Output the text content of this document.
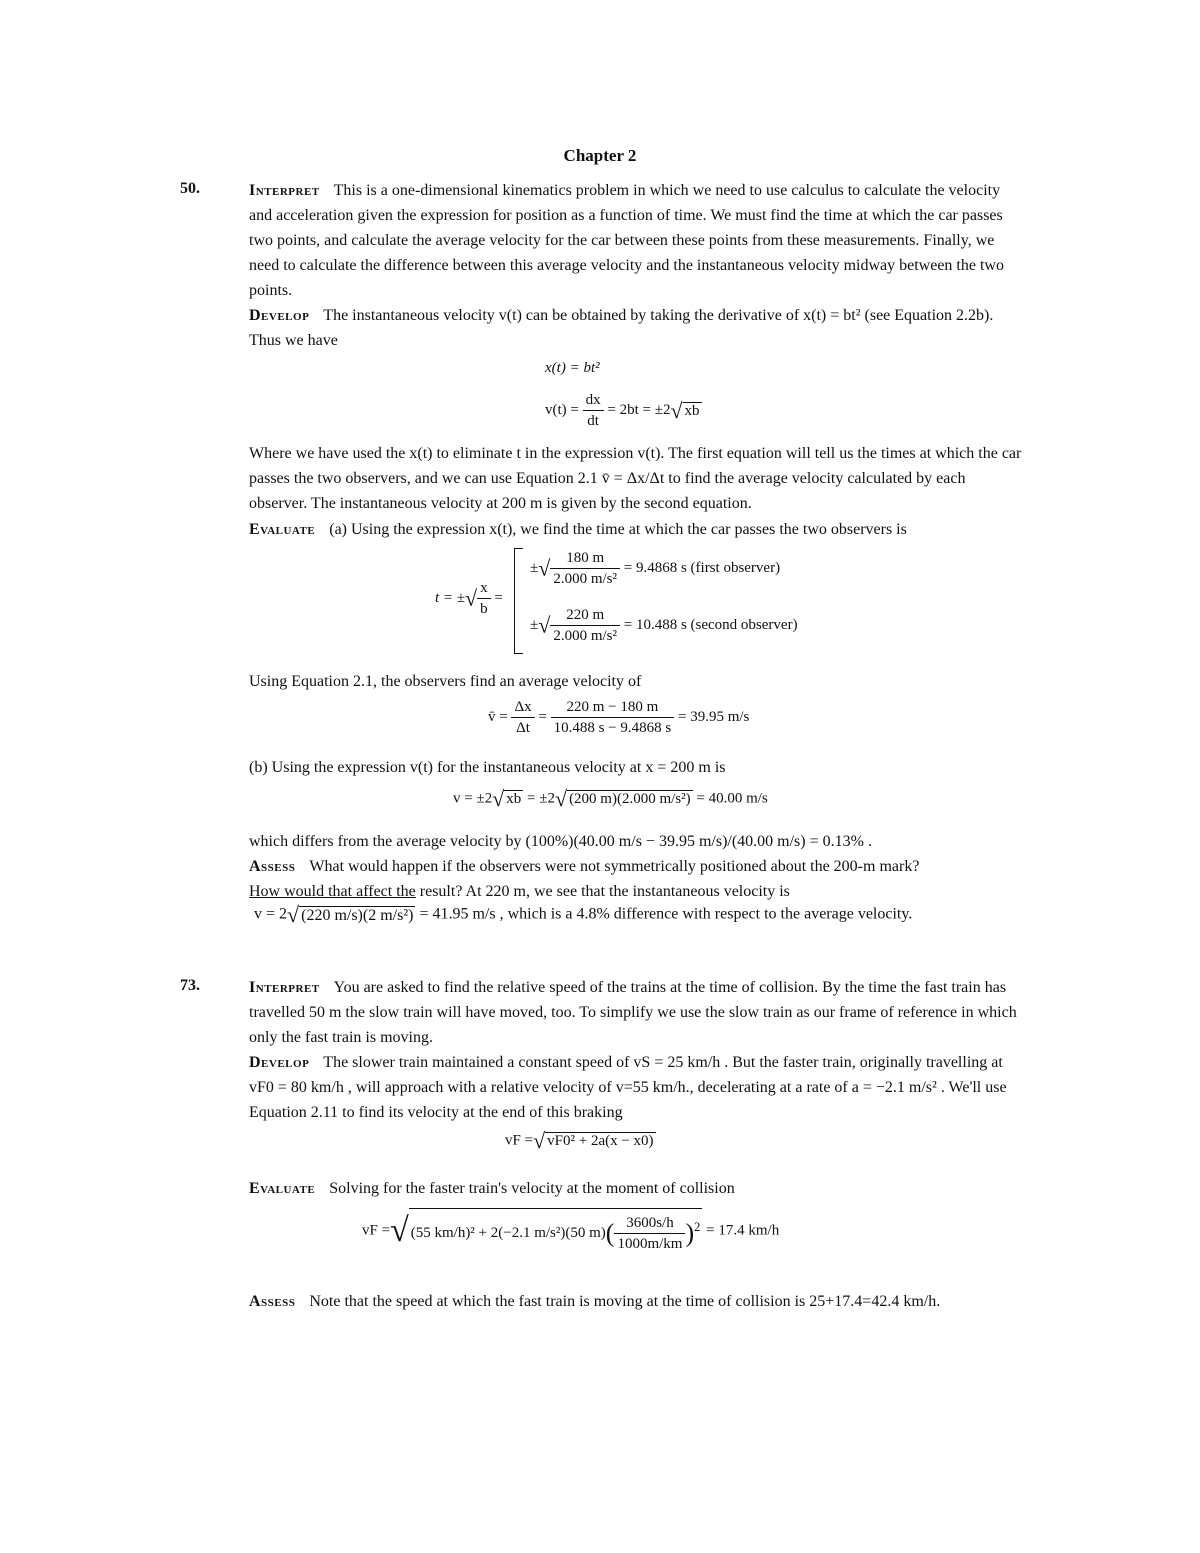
Chapter 2
50.	Interpret This is a one-dimensional kinematics problem in which we need to use calculus to calculate the velocity and acceleration given the expression for position as a function of time. We must find the time at which the car passes two points, and calculate the average velocity for the car between these points from these measurements. Finally, we need to calculate the difference between this average velocity and the instantaneous velocity midway between the two points.
Develop The instantaneous velocity v(t) can be obtained by taking the derivative of x(t) = bt² (see Equation 2.2b). Thus we have
x(t) = bt²
$v(t) = \frac{dx}{dt} = 2bt = \pm 2√$ xb
Where we have used the x(t) to eliminate t in the expression v(t). The first equation will tell us the times at which the car passes the two observers, and we can use Equation 2.1 v̄ = Δx/Δt to find the average velocity calculated by each observer. The instantaneous velocity at 200 m is given by the second equation.
Evaluate (a) Using the expression x(t), we find the time at which the car passes the two observers is
t = ±√ $\frac{x}{b}$ =
±√ $\frac{180 m}{\text{2.000 m/s²}} = 9.4868$ s (first observer)
±√ $\frac{220 m}{\text{2.000 m/s²}} = 10.488$ s (second observer)
Using Equation 2.1, the observers find an average velocity of
v̄ = $\frac{\Delta x}{\Delta t} = \frac{220 m - 180 m}{10.488 s - 9.4868 s} = 39.95$ m/s
(b) Using the expression v(t) for the instantaneous velocity at x = 200 m is
v = ±2√ xb = ±2√ (200 m)(2.000 m/s²) = 40.00 m/s
which differs from the average velocity by (100%)(40.00 m/s − 39.95 m/s)/(40.00 m/s) = 0.13% .
Assess What would happen if the observers were not symmetrically positioned about the 200-m mark?
How would that affect the result? At 220 m, we see that the instantaneous velocity is
v = 2√ (220 m/s)(2 m/s²) = 41.95 m/s , which is a 4.8% difference with respect to the average velocity.
73.	Interpret You are asked to find the relative speed of the trains at the time of collision. By the time the fast train has travelled 50 m the slow train will have moved, too. To simplify we use the slow train as our frame of reference in which only the fast train is moving.
Develop The slower train maintained a constant speed of vS = 25 km/h . But the faster train, originally travelling at vF0 = 80 km/h , will approach with a relative velocity of v=55 km/h., decelerating at a rate of a = −2.1 m/s² . We'll use Equation 2.11 to find its velocity at the end of this braking
vF =√ vF0² + 2a(x − x0)
Evaluate Solving for the faster train's velocity at the moment of collision
vF =√ (55 km/h)² + 2(−2.1 m/s²)(50 $m)( \frac{3600s/h}{1000m/km} )^2 = 17.4$ km/h
Assess Note that the speed at which the fast train is moving at the time of collision is 25+17.4=42.4 km/h.
